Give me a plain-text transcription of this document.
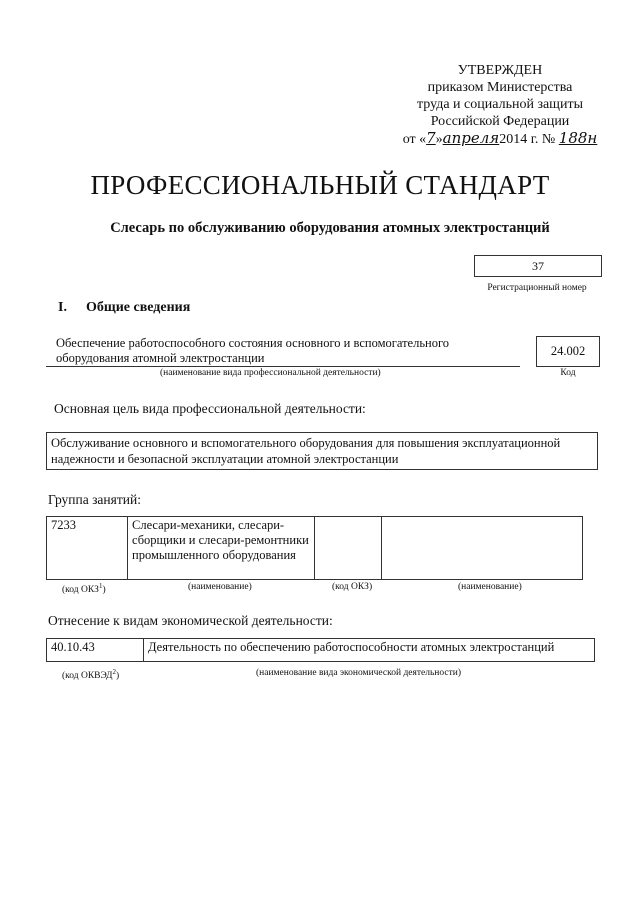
УТВЕРЖДЕН
приказом Министерства
труда и социальной защиты
Российской Федерации
от «7»апреля2014 г. № 188н
ПРОФЕССИОНАЛЬНЫЙ СТАНДАРТ
Слесарь по обслуживанию оборудования атомных электростанций
37
Регистрационный номер
I. Общие сведения
Обеспечение работоспособного состояния основного и вспомогательного
оборудования атомной электростанции
(наименование вида профессиональной деятельности)
24.002
Код
Основная цель вида профессиональной деятельности:
Обслуживание основного и вспомогательного оборудования для повышения эксплуатационной
надежности и безопасной эксплуатации атомной электростанции
Группа занятий:
7233	Слесари-механики, слесари-сборщики и слесари-ремонтники промышленного оборудования		
(код ОКЗ$^1$)	(наименование)	(код ОКЗ)	(наименование)
Отнесение к видам экономической деятельности:
40.10.43	Деятельность по обеспечению работоспособности атомных электростанций
(код ОКВЭД$^2$)	(наименование вида экономической деятельности)
